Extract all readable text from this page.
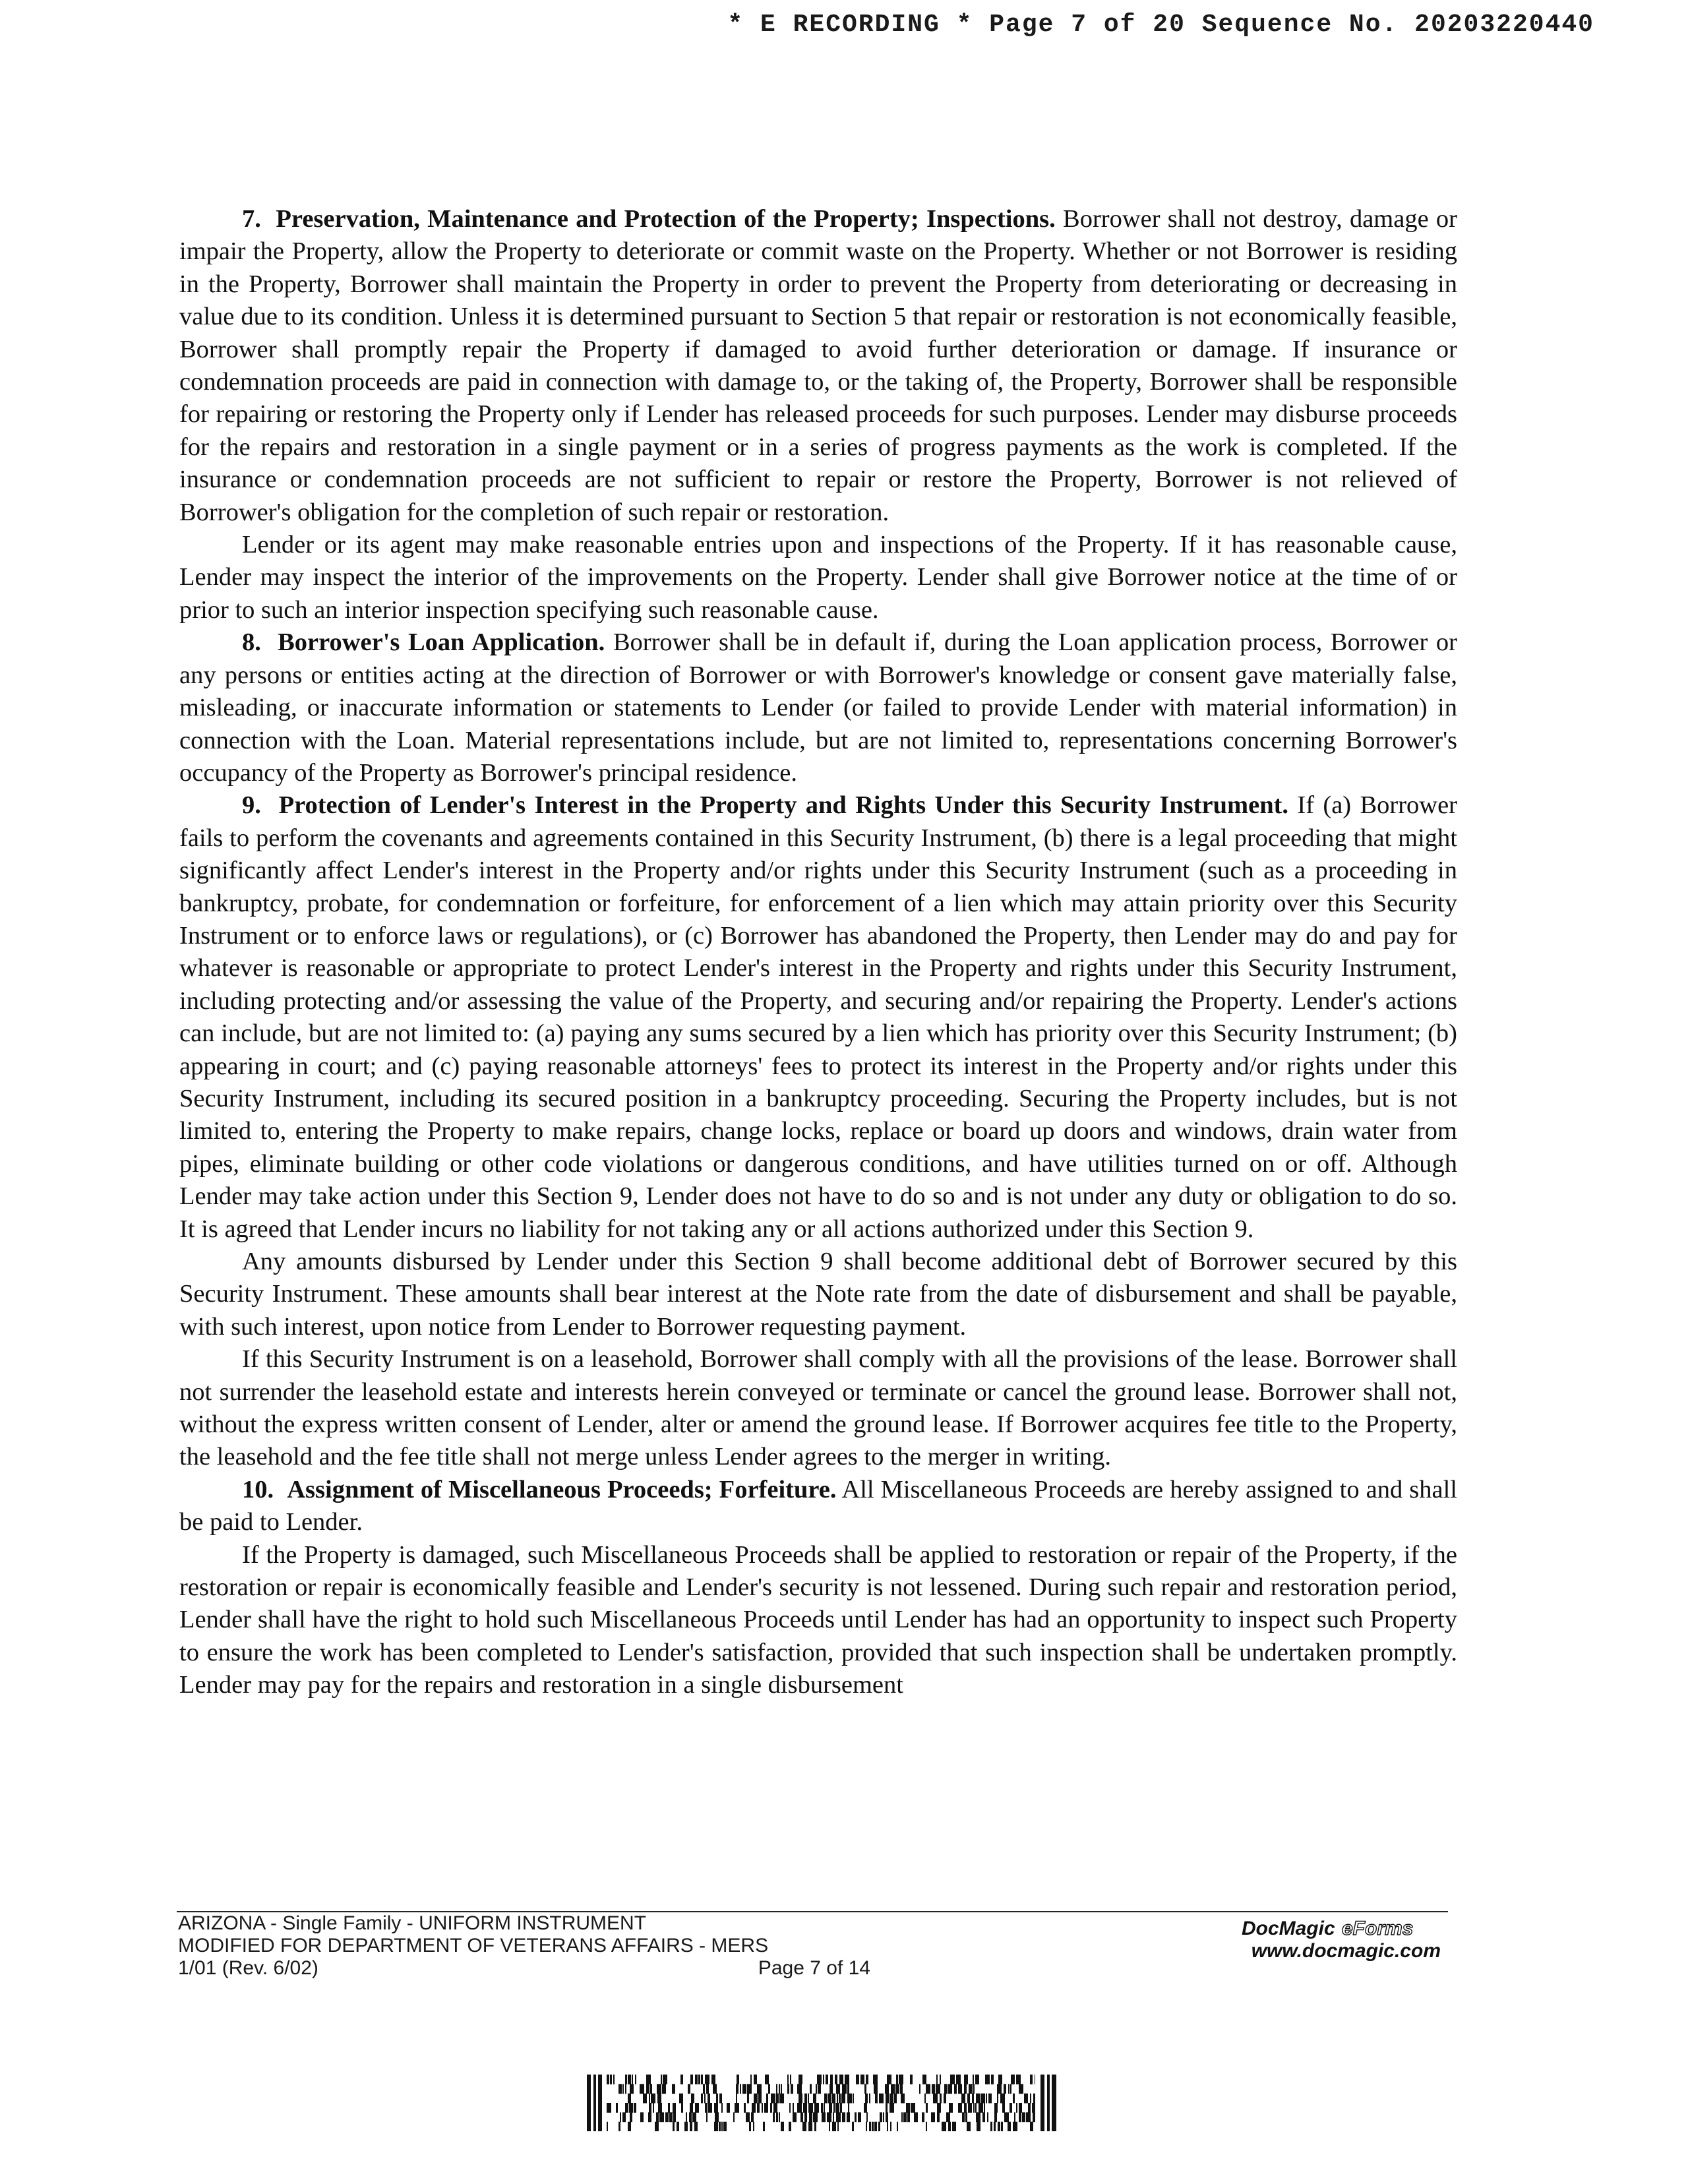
* E RECORDING * Page 7 of 20 Sequence No. 20203220440

7. Preservation, Maintenance and Protection of the Property; Inspections. Borrower shall not destroy, damage or impair the Property, allow the Property to deteriorate or commit waste on the Property. Whether or not Borrower is residing in the Property, Borrower shall maintain the Property in order to prevent the Property from deteriorating or decreasing in value due to its condition. Unless it is determined pursuant to Section 5 that repair or restoration is not economically feasible, Borrower shall promptly repair the Property if damaged to avoid further deterioration or damage. If insurance or condemnation proceeds are paid in connection with damage to, or the taking of, the Property, Borrower shall be responsible for repairing or restoring the Property only if Lender has released proceeds for such purposes. Lender may disburse proceeds for the repairs and restoration in a single payment or in a series of progress payments as the work is completed. If the insurance or condemnation proceeds are not sufficient to repair or restore the Property, Borrower is not relieved of Borrower's obligation for the completion of such repair or restoration.

Lender or its agent may make reasonable entries upon and inspections of the Property. If it has reasonable cause, Lender may inspect the interior of the improvements on the Property. Lender shall give Borrower notice at the time of or prior to such an interior inspection specifying such reasonable cause.

8. Borrower's Loan Application. Borrower shall be in default if, during the Loan application process, Borrower or any persons or entities acting at the direction of Borrower or with Borrower's knowledge or consent gave materially false, misleading, or inaccurate information or statements to Lender (or failed to provide Lender with material information) in connection with the Loan. Material representations include, but are not limited to, representations concerning Borrower's occupancy of the Property as Borrower's principal residence.

9. Protection of Lender's Interest in the Property and Rights Under this Security Instrument. If (a) Borrower fails to perform the covenants and agreements contained in this Security Instrument, (b) there is a legal proceeding that might significantly affect Lender's interest in the Property and/or rights under this Security Instrument (such as a proceeding in bankruptcy, probate, for condemnation or forfeiture, for enforcement of a lien which may attain priority over this Security Instrument or to enforce laws or regulations), or (c) Borrower has abandoned the Property, then Lender may do and pay for whatever is reasonable or appropriate to protect Lender's interest in the Property and rights under this Security Instrument, including protecting and/or assessing the value of the Property, and securing and/or repairing the Property. Lender's actions can include, but are not limited to: (a) paying any sums secured by a lien which has priority over this Security Instrument; (b) appearing in court; and (c) paying reasonable attorneys' fees to protect its interest in the Property and/or rights under this Security Instrument, including its secured position in a bankruptcy proceeding. Securing the Property includes, but is not limited to, entering the Property to make repairs, change locks, replace or board up doors and windows, drain water from pipes, eliminate building or other code violations or dangerous conditions, and have utilities turned on or off. Although Lender may take action under this Section 9, Lender does not have to do so and is not under any duty or obligation to do so. It is agreed that Lender incurs no liability for not taking any or all actions authorized under this Section 9.

Any amounts disbursed by Lender under this Section 9 shall become additional debt of Borrower secured by this Security Instrument. These amounts shall bear interest at the Note rate from the date of disbursement and shall be payable, with such interest, upon notice from Lender to Borrower requesting payment.

If this Security Instrument is on a leasehold, Borrower shall comply with all the provisions of the lease. Borrower shall not surrender the leasehold estate and interests herein conveyed or terminate or cancel the ground lease. Borrower shall not, without the express written consent of Lender, alter or amend the ground lease. If Borrower acquires fee title to the Property, the leasehold and the fee title shall not merge unless Lender agrees to the merger in writing.

10. Assignment of Miscellaneous Proceeds; Forfeiture. All Miscellaneous Proceeds are hereby assigned to and shall be paid to Lender.

If the Property is damaged, such Miscellaneous Proceeds shall be applied to restoration or repair of the Property, if the restoration or repair is economically feasible and Lender's security is not lessened. During such repair and restoration period, Lender shall have the right to hold such Miscellaneous Proceeds until Lender has had an opportunity to inspect such Property to ensure the work has been completed to Lender's satisfaction, provided that such inspection shall be undertaken promptly. Lender may pay for the repairs and restoration in a single disbursement

ARIZONA - Single Family - UNIFORM INSTRUMENT
MODIFIED FOR DEPARTMENT OF VETERANS AFFAIRS - MERS
1/01 (Rev. 6/02)	Page 7 of 14
DocMagic eForms
www.docmagic.com
